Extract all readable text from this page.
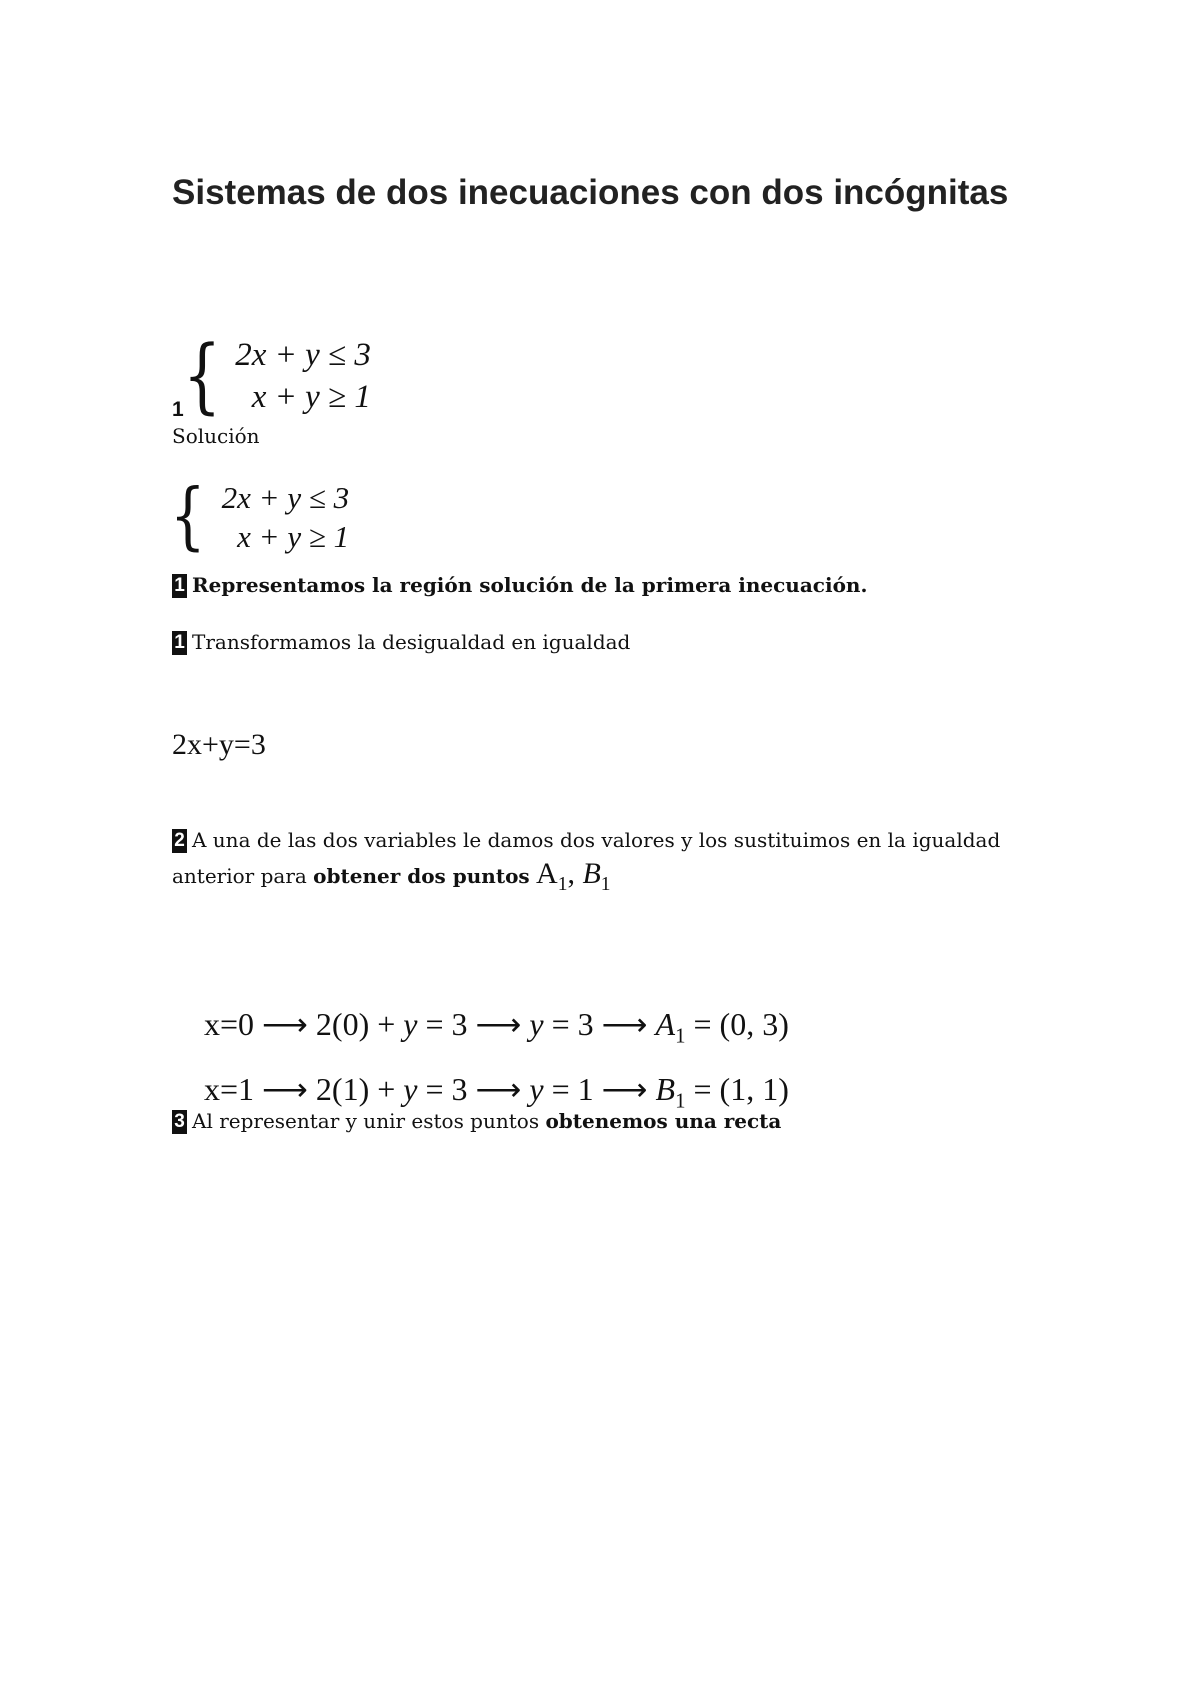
Sistemas de dos inecuaciones con dos incógnitas
1 { 2x + y ≤ 3
x + y ≥ 1
Solución
{ 2x + y ≤ 3
x + y ≥ 1
1 Representamos la región solución de la primera inecuación.
1 Transformamos la desigualdad en igualdad
2x+y=3
2 A una de las dos variables le damos dos valores y los sustituimos en la igualdad anterior para obtener dos puntos $A_1$, $B_1$

x=0 ⟶ 2(0) + y = 3 ⟶ y = 3 ⟶ $A_1 = (0$, 3)

x=1 ⟶ 2(1) + y = 3 ⟶ y = 1 ⟶ $B_1 = (1$, 1)

3 Al representar y unir estos puntos obtenemos una recta
